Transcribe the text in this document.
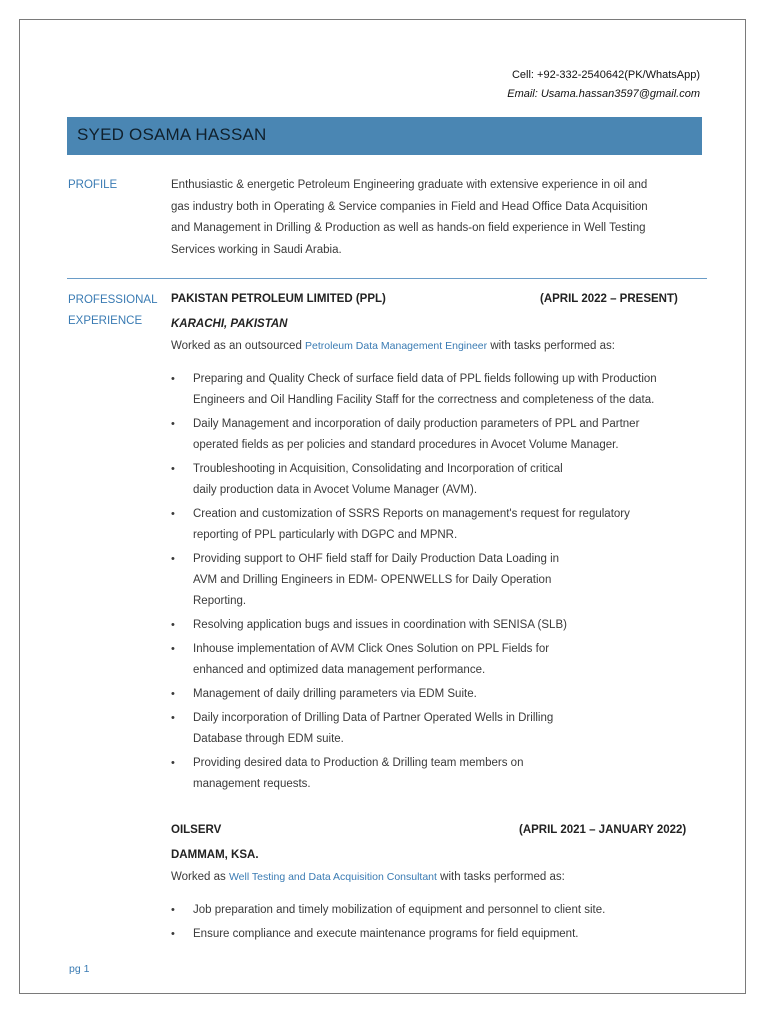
Cell: +92-332-2540642(PK/WhatsApp)
Email: Usama.hassan3597@gmail.com
SYED OSAMA HASSAN
PROFILE	Enthusiastic & energetic Petroleum Engineering graduate with extensive experience in oil and
gas industry both in Operating & Service companies in Field and Head Office Data Acquisition
and Management in Drilling & Production as well as hands-on field experience in Well Testing
Services working in Saudi Arabia.
PROFESSIONAL
EXPERIENCE
PAKISTAN PETROLEUM LIMITED (PPL)	(APRIL 2022 – PRESENT)
KARACHI, PAKISTAN
Worked as an outsourced Petroleum Data Management Engineer with tasks performed as:
• Preparing and Quality Check of surface field data of PPL fields following up with Production
Engineers and Oil Handling Facility Staff for the correctness and completeness of the data.
• Daily Management and incorporation of daily production parameters of PPL and Partner
operated fields as per policies and standard procedures in Avocet Volume Manager.
• Troubleshooting in Acquisition, Consolidating and Incorporation of critical
daily production data in Avocet Volume Manager (AVM).
• Creation and customization of SSRS Reports on management's request for regulatory
reporting of PPL particularly with DGPC and MPNR.
• Providing support to OHF field staff for Daily Production Data Loading in
AVM and Drilling Engineers in EDM- OPENWELLS for Daily Operation
Reporting.
• Resolving application bugs and issues in coordination with SENISA (SLB)
• Inhouse implementation of AVM Click Ones Solution on PPL Fields for
enhanced and optimized data management performance.
• Management of daily drilling parameters via EDM Suite.
• Daily incorporation of Drilling Data of Partner Operated Wells in Drilling
Database through EDM suite.
• Providing desired data to Production & Drilling team members on
management requests.
OILSERV	(APRIL 2021 – JANUARY 2022)
DAMMAM, KSA.
Worked as Well Testing and Data Acquisition Consultant with tasks performed as:
• Job preparation and timely mobilization of equipment and personnel to client site.
• Ensure compliance and execute maintenance programs for field equipment.
pg 1
